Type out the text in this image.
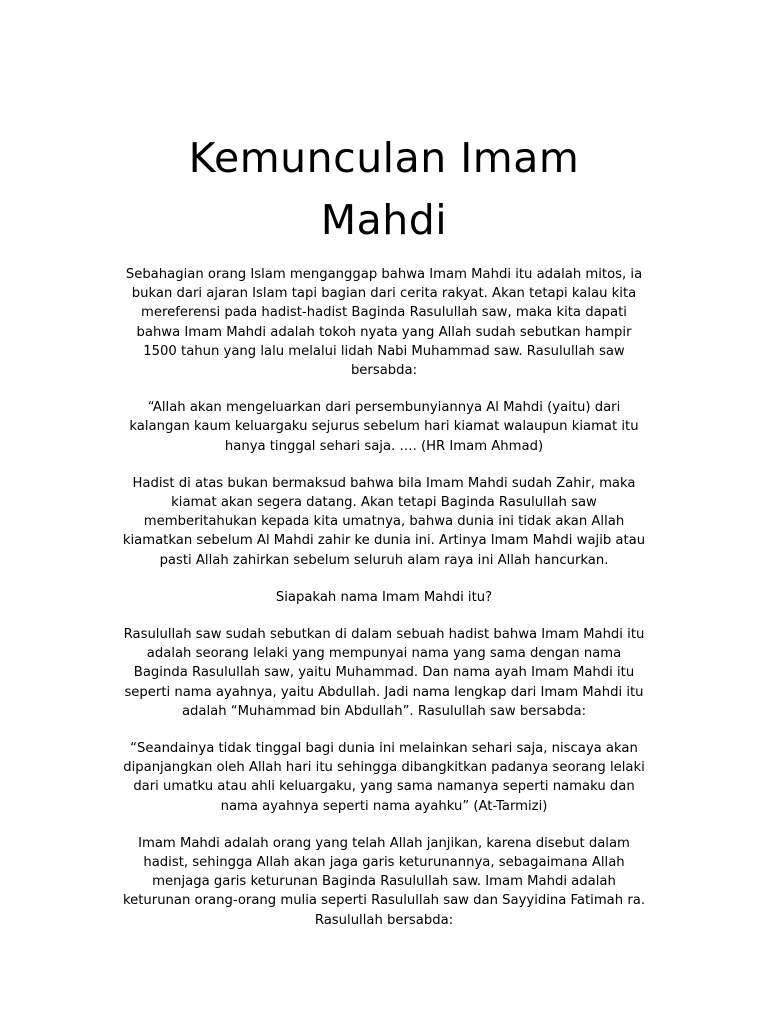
Kemunculan Imam Mahdi

Sebahagian orang Islam menganggap bahwa Imam Mahdi itu adalah mitos, ia bukan dari ajaran Islam tapi bagian dari cerita rakyat. Akan tetapi kalau kita mereferensi pada hadist-hadist Baginda Rasulullah saw, maka kita dapati bahwa Imam Mahdi adalah tokoh nyata yang Allah sudah sebutkan hampir 1500 tahun yang lalu melalui lidah Nabi Muhammad saw. Rasulullah saw bersabda:

“Allah akan mengeluarkan dari persembunyiannya Al Mahdi (yaitu) dari kalangan kaum keluargaku sejurus sebelum hari kiamat walaupun kiamat itu hanya tinggal sehari saja. …. (HR Imam Ahmad)

Hadist di atas bukan bermaksud bahwa bila Imam Mahdi sudah Zahir, maka kiamat akan segera datang. Akan tetapi Baginda Rasulullah saw memberitahukan kepada kita umatnya, bahwa dunia ini tidak akan Allah kiamatkan sebelum Al Mahdi zahir ke dunia ini. Artinya Imam Mahdi wajib atau pasti Allah zahirkan sebelum seluruh alam raya ini Allah hancurkan.

Siapakah nama Imam Mahdi itu?

Rasulullah saw sudah sebutkan di dalam sebuah hadist bahwa Imam Mahdi itu adalah seorang lelaki yang mempunyai nama yang sama dengan nama Baginda Rasulullah saw, yaitu Muhammad. Dan nama ayah Imam Mahdi itu seperti nama ayahnya, yaitu Abdullah. Jadi nama lengkap dari Imam Mahdi itu adalah “Muhammad bin Abdullah”. Rasulullah saw bersabda:

“Seandainya tidak tinggal bagi dunia ini melainkan sehari saja, niscaya akan dipanjangkan oleh Allah hari itu sehingga dibangkitkan padanya seorang lelaki dari umatku atau ahli keluargaku, yang sama namanya seperti namaku dan nama ayahnya seperti nama ayahku” (At-Tarmizi)

Imam Mahdi adalah orang yang telah Allah janjikan, karena disebut dalam hadist, sehingga Allah akan jaga garis keturunannya, sebagaimana Allah menjaga garis keturunan Baginda Rasulullah saw. Imam Mahdi adalah keturunan orang-orang mulia seperti Rasulullah saw dan Sayyidina Fatimah ra. Rasulullah bersabda:
